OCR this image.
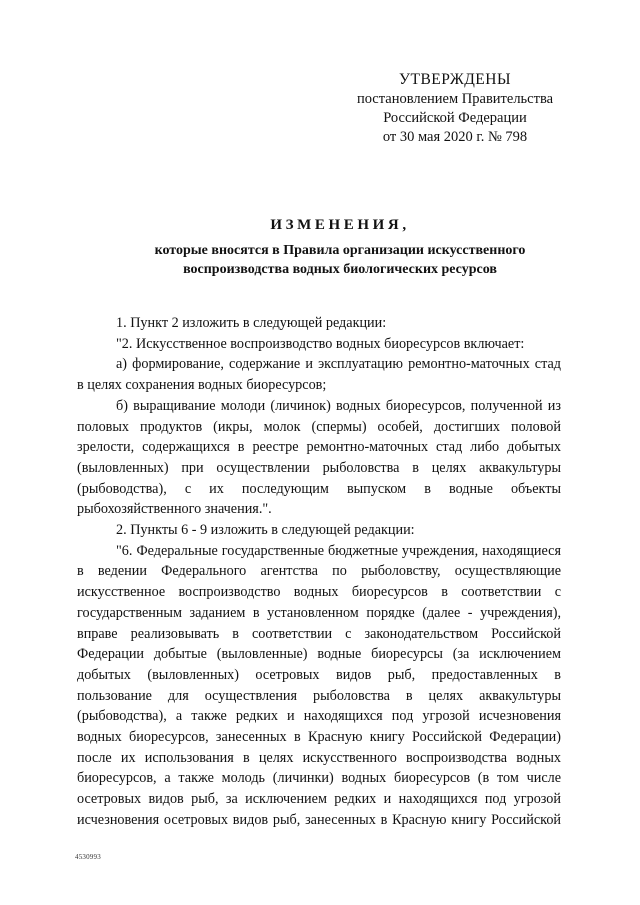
УТВЕРЖДЕНЫ
постановлением Правительства
Российской Федерации
от 30 мая 2020 г. № 798
ИЗМЕНЕНИЯ,
которые вносятся в Правила организации искусственного
воспроизводства водных биологических ресурсов

1. Пункт 2 изложить в следующей редакции:

"2. Искусственное воспроизводство водных биоресурсов включает:

а) формирование, содержание и эксплуатацию ремонтно-маточных стад в целях сохранения водных биоресурсов;

б) выращивание молоди (личинок) водных биоресурсов, полученной из половых продуктов (икры, молок (спермы) особей, достигших половой зрелости, содержащихся в реестре ремонтно-маточных стад либо добытых (выловленных) при осуществлении рыболовства в целях аквакультуры (рыбоводства), с их последующим выпуском в водные объекты рыбохозяйственного значения.".

2. Пункты 6 - 9 изложить в следующей редакции:

"6. Федеральные государственные бюджетные учреждения, находящиеся в ведении Федерального агентства по рыболовству, осуществляющие искусственное воспроизводство водных биоресурсов в соответствии с государственным заданием в установленном порядке (далее - учреждения), вправе реализовывать в соответствии с законодательством Российской Федерации добытые (выловленные) водные биоресурсы (за исключением добытых (выловленных) осетровых видов рыб, предоставленных в пользование для осуществления рыболовства в целях аквакультуры (рыбоводства), а также редких и находящихся под угрозой исчезновения водных биоресурсов, занесенных в Красную книгу Российской Федерации) после их использования в целях искусственного воспроизводства водных биоресурсов, а также молодь (личинки) водных биоресурсов (в том числе осетровых видов рыб, за исключением редких и находящихся под угрозой исчезновения осетровых видов рыб, занесенных в Красную книгу Российской

4530993
